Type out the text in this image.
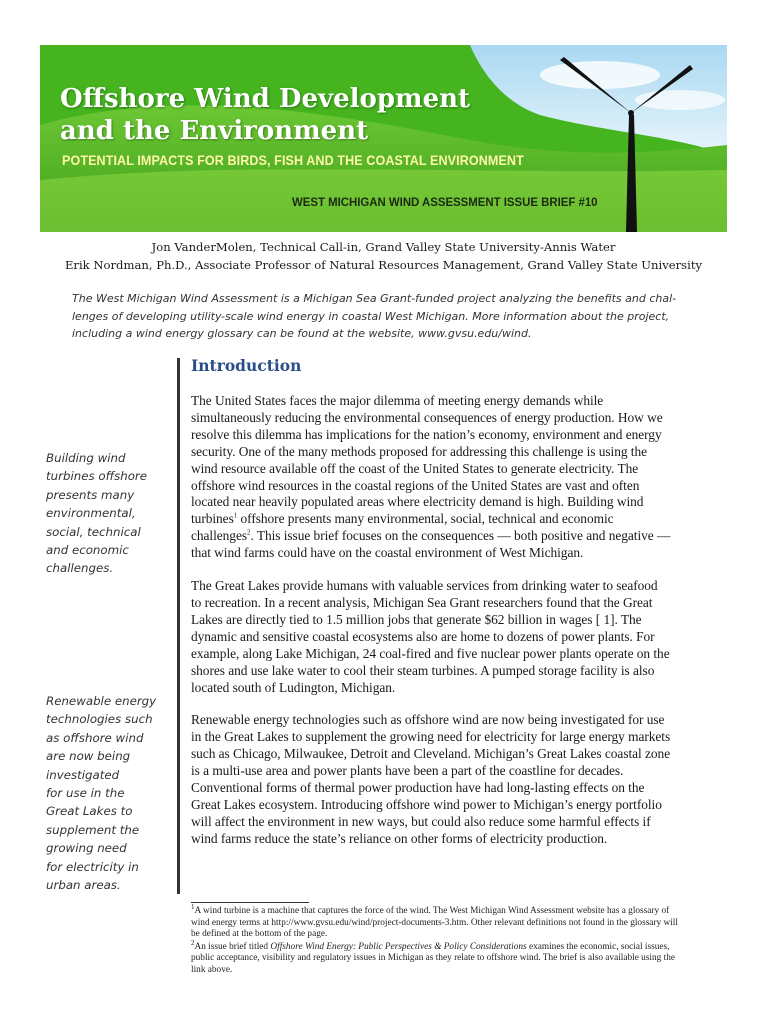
Offshore Wind Development
and the Environment
POTENTIAL IMPACTS FOR BIRDS, FISH AND THE COASTAL ENVIRONMENT
WEST MICHIGAN WIND ASSESSMENT ISSUE BRIEF #10
Jon VanderMolen, Technical Call-in, Grand Valley State University-Annis Water
Erik Nordman, Ph.D., Associate Professor of Natural Resources Management, Grand Valley State University
The West Michigan Wind Assessment is a Michigan Sea Grant-funded project analyzing the benefits and chal-
lenges of developing utility-scale wind energy in coastal West Michigan. More information about the project,
including a wind energy glossary can be found at the website, www.gvsu.edu/wind.
Building wind
turbines offshore
presents many
environmental,
social, technical
and economic
challenges.
Renewable energy
technologies such
as offshore wind
are now being
investigated
for use in the
Great Lakes to
supplement the
growing need
for electricity in
urban areas.
Introduction

The United States faces the major dilemma of meeting energy demands while simultaneously reducing the environmental consequences of energy production. How we resolve this dilemma has implications for the nation’s economy, environment and energy security. One of the many methods proposed for addressing this challenge is using the wind resource available off the coast of the United States to generate electricity. The offshore wind resources in the coastal regions of the United States are vast and often located near heavily populated areas where electricity demand is high. Building wind turbines$^1$ offshore presents many environmental, social, technical and economic challenges$^2$. This issue brief focuses on the consequences — both positive and negative — that wind farms could have on the coastal environment of West Michigan.

The Great Lakes provide humans with valuable services from drinking water to seafood to recreation. In a recent analysis, Michigan Sea Grant researchers found that the Great Lakes are directly tied to 1.5 million jobs that generate $62 billion in wages [ 1]. The dynamic and sensitive coastal ecosystems also are home to dozens of power plants. For example, along Lake Michigan, 24 coal-fired and five nuclear power plants operate on the shores and use lake water to cool their steam turbines. A pumped storage facility is also located south of Ludington, Michigan.

Renewable energy technologies such as offshore wind are now being investigated for use in the Great Lakes to supplement the growing need for electricity for large energy markets such as Chicago, Milwaukee, Detroit and Cleveland. Michigan’s Great Lakes coastal zone is a multi-use area and power plants have been a part of the coastline for decades. Conventional forms of thermal power production have had long-lasting effects on the Great Lakes ecosystem. Introducing offshore wind power to Michigan’s energy portfolio will affect the environment in new ways, but could also reduce some harmful effects if wind farms reduce the state’s reliance on other forms of electricity production.

$^1$A wind turbine is a machine that captures the force of the wind. The West Michigan Wind Assessment website has a glossary of wind energy terms at http://www.gvsu.edu/wind/project-documents-3.htm. Other relevant definitions not found in the glossary will be defined at the bottom of the page.
$^2$An issue brief titled Offshore Wind Energy: Public Perspectives & Policy Considerations examines the economic, social issues, public acceptance, visibility and regulatory issues in Michigan as they relate to offshore wind. The brief is also available using the link above.
